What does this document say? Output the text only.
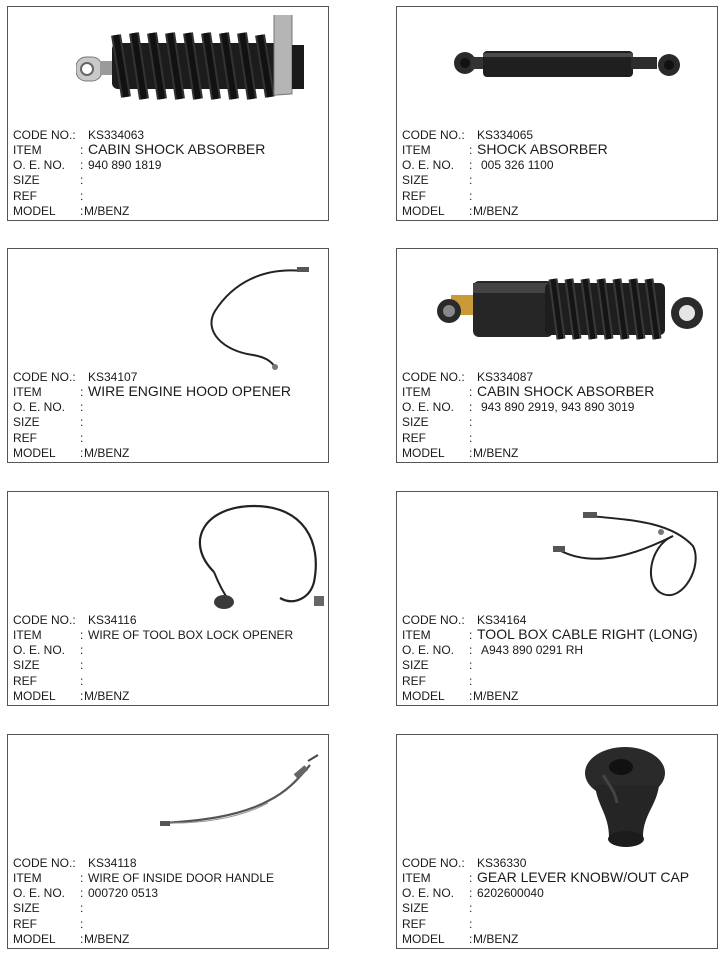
CODE NO.: KS334063
ITEM	: CABIN SHOCK ABSORBER
O. E. NO. : 940 890 1819
SIZE	:
REF	:
MODEL : M/BENZ
CODE NO.: KS334065
ITEM	: SHOCK ABSORBER
O. E. NO. : 005 326 1100
SIZE	:
REF	:
MODEL : M/BENZ
CODE NO.: KS34107
ITEM	: WIRE ENGINE HOOD OPENER
O. E. NO. :
SIZE	:
REF	:
MODEL : M/BENZ
CODE NO.: KS334087
ITEM	: CABIN SHOCK ABSORBER
O. E. NO. : 943 890 2919, 943 890 3019
SIZE	:
REF	:
MODEL : M/BENZ
CODE NO.: KS34116
ITEM	: WIRE OF TOOL BOX LOCK OPENER
O. E. NO. :
SIZE	:
REF	:
MODEL : M/BENZ
CODE NO.: KS34164
ITEM	: TOOL BOX CABLE RIGHT (LONG)
O. E. NO. : A943 890 0291 RH
SIZE	:
REF	:
MODEL : M/BENZ
CODE NO.: KS34118
ITEM	: WIRE OF INSIDE DOOR HANDLE
O. E. NO. : 000720 0513
SIZE	:
REF	:
MODEL : M/BENZ
CODE NO.: KS36330
ITEM	: GEAR LEVER KNOBW/OUT CAP
O. E. NO. : 6202600040
SIZE	:
REF	:
MODEL : M/BENZ
